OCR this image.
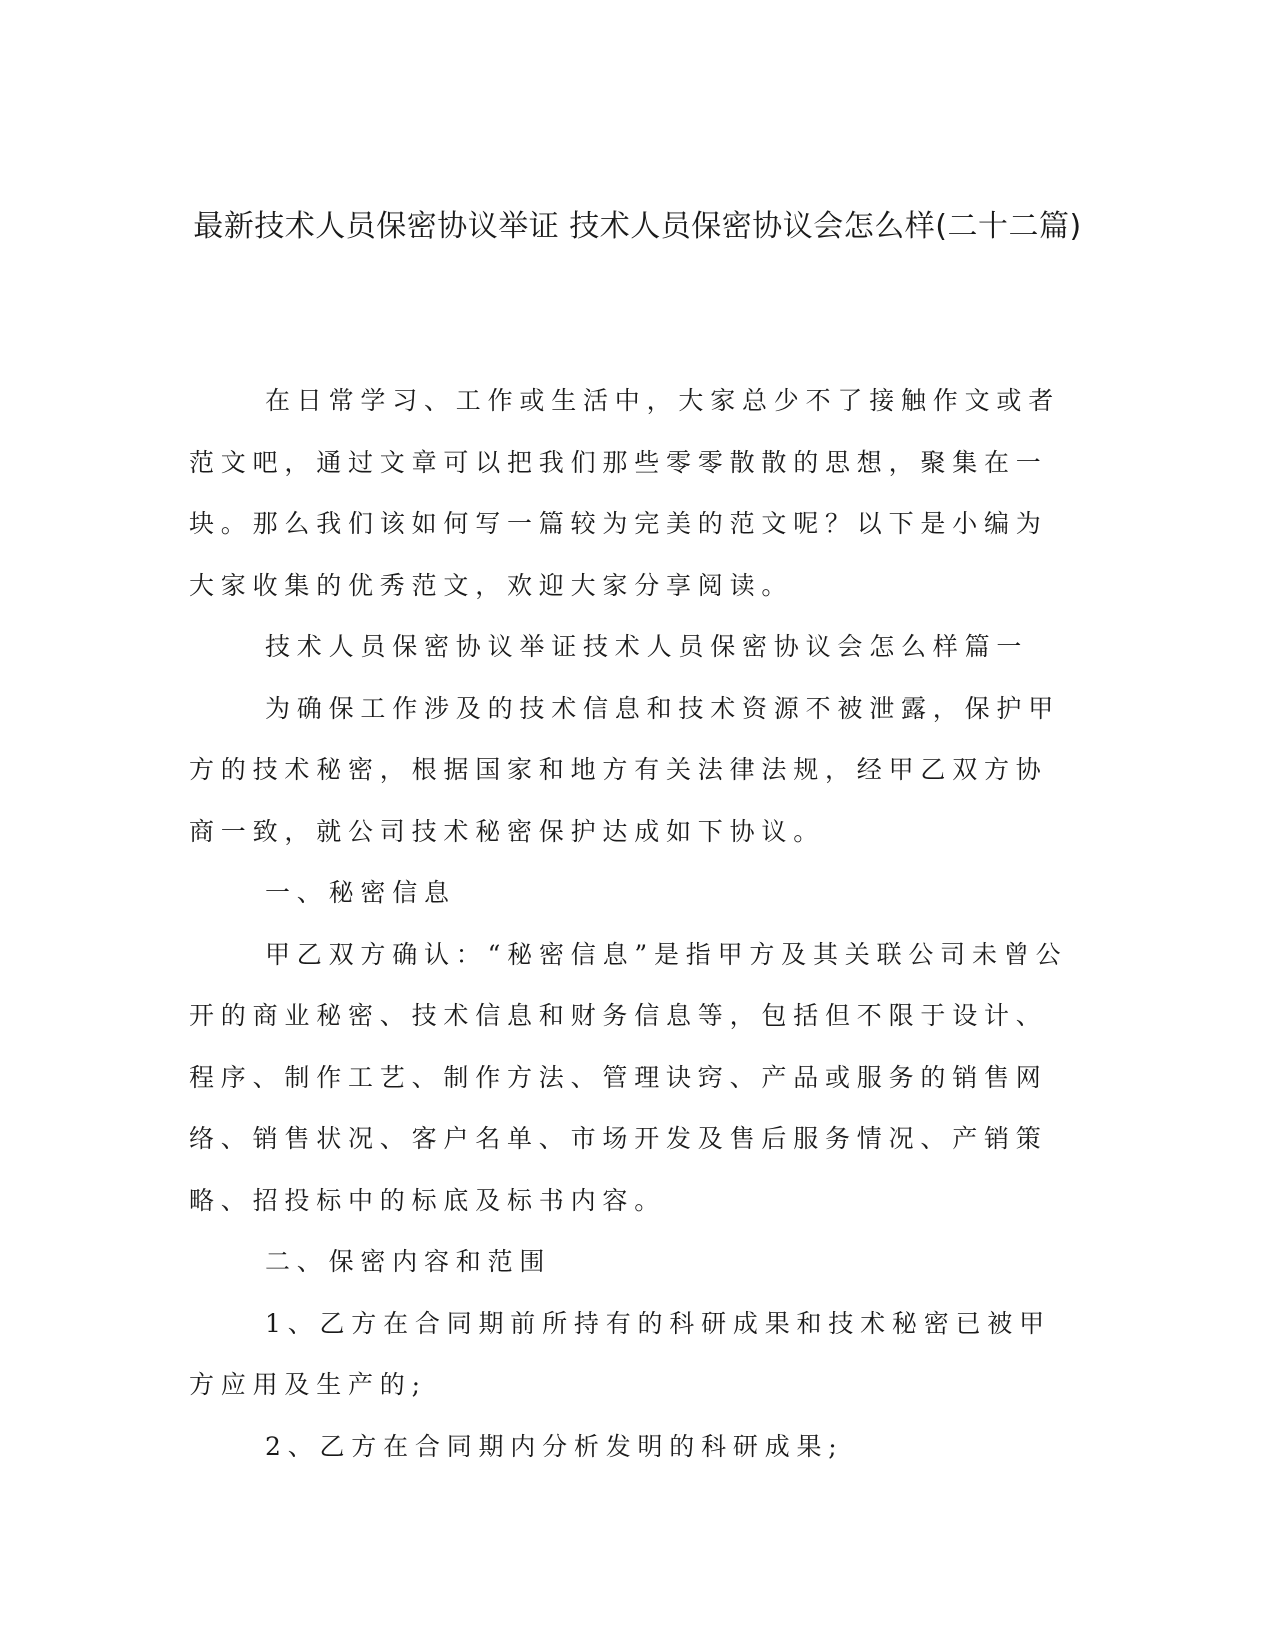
最新技术人员保密协议举证 技术人员保密协议会怎么样(二十二篇)

在日常学习、工作或生活中，大家总少不了接触作文或者范文吧，通过文章可以把我们那些零零散散的思想，聚集在一块。那么我们该如何写一篇较为完美的范文呢？以下是小编为大家收集的优秀范文，欢迎大家分享阅读。

技术人员保密协议举证技术人员保密协议会怎么样篇一

为确保工作涉及的技术信息和技术资源不被泄露，保护甲方的技术秘密，根据国家和地方有关法律法规，经甲乙双方协商一致，就公司技术秘密保护达成如下协议。

一、秘密信息

甲乙双方确认：“秘密信息”是指甲方及其关联公司未曾公开的商业秘密、技术信息和财务信息等，包括但不限于设计、程序、制作工艺、制作方法、管理诀窍、产品或服务的销售网络、销售状况、客户名单、市场开发及售后服务情况、产销策略、招投标中的标底及标书内容。

二、保密内容和范围

1、乙方在合同期前所持有的科研成果和技术秘密已被甲方应用及生产的;

2、乙方在合同期内分析发明的科研成果;
